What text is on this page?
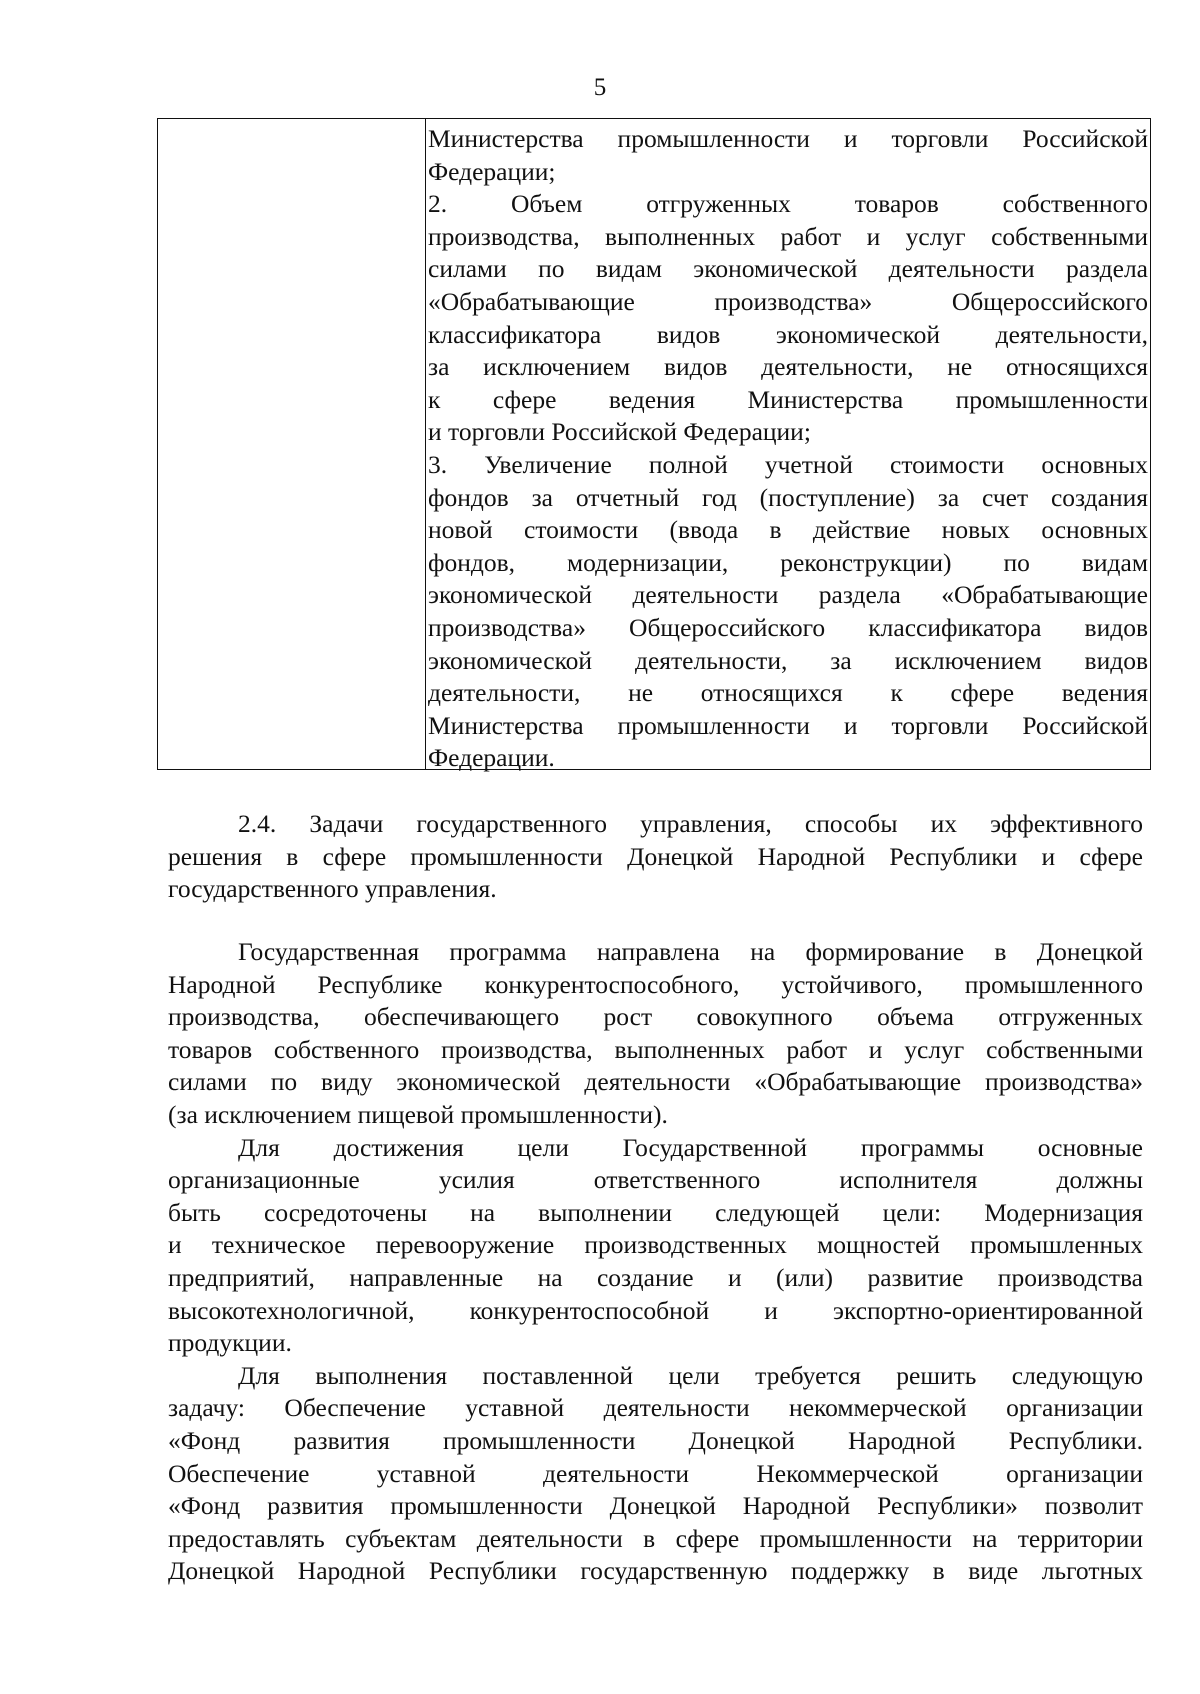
5
Министерства промышленности и торговли Российской
Федерации;
2. Объем отгруженных товаров собственного
производства, выполненных работ и услуг собственными
силами по видам экономической деятельности раздела
«Обрабатывающие производства» Общероссийского
классификатора видов экономической деятельности,
за исключением видов деятельности, не относящихся
к сфере ведения Министерства промышленности
и торговли Российской Федерации;
3. Увеличение полной учетной стоимости основных
фондов за отчетный год (поступление) за счет создания
новой стоимости (ввода в действие новых основных
фондов, модернизации, реконструкции) по видам
экономической деятельности раздела «Обрабатывающие
производства» Общероссийского классификатора видов
экономической деятельности, за исключением видов
деятельности, не относящихся к сфере ведения
Министерства промышленности и торговли Российской
Федерации.
2.4. Задачи государственного управления, способы их эффективного
решения в сфере промышленности Донецкой Народной Республики и сфере
государственного управления.
Государственная программа направлена на формирование в Донецкой
Народной Республике конкурентоспособного, устойчивого, промышленного
производства, обеспечивающего рост совокупного объема отгруженных
товаров собственного производства, выполненных работ и услуг собственными
силами по виду экономической деятельности «Обрабатывающие производства»
(за исключением пищевой промышленности).
Для достижения цели Государственной программы основные
организационные усилия ответственного исполнителя должны
быть сосредоточены на выполнении следующей цели: Модернизация
и техническое перевооружение производственных мощностей промышленных
предприятий, направленные на создание и (или) развитие производства
высокотехнологичной, конкурентоспособной и экспортно-ориентированной
продукции.
Для выполнения поставленной цели требуется решить следующую
задачу: Обеспечение уставной деятельности некоммерческой организации
«Фонд развития промышленности Донецкой Народной Республики.
Обеспечение уставной деятельности Некоммерческой организации
«Фонд развития промышленности Донецкой Народной Республики» позволит
предоставлять субъектам деятельности в сфере промышленности на территории
Донецкой Народной Республики государственную поддержку в виде льготных
